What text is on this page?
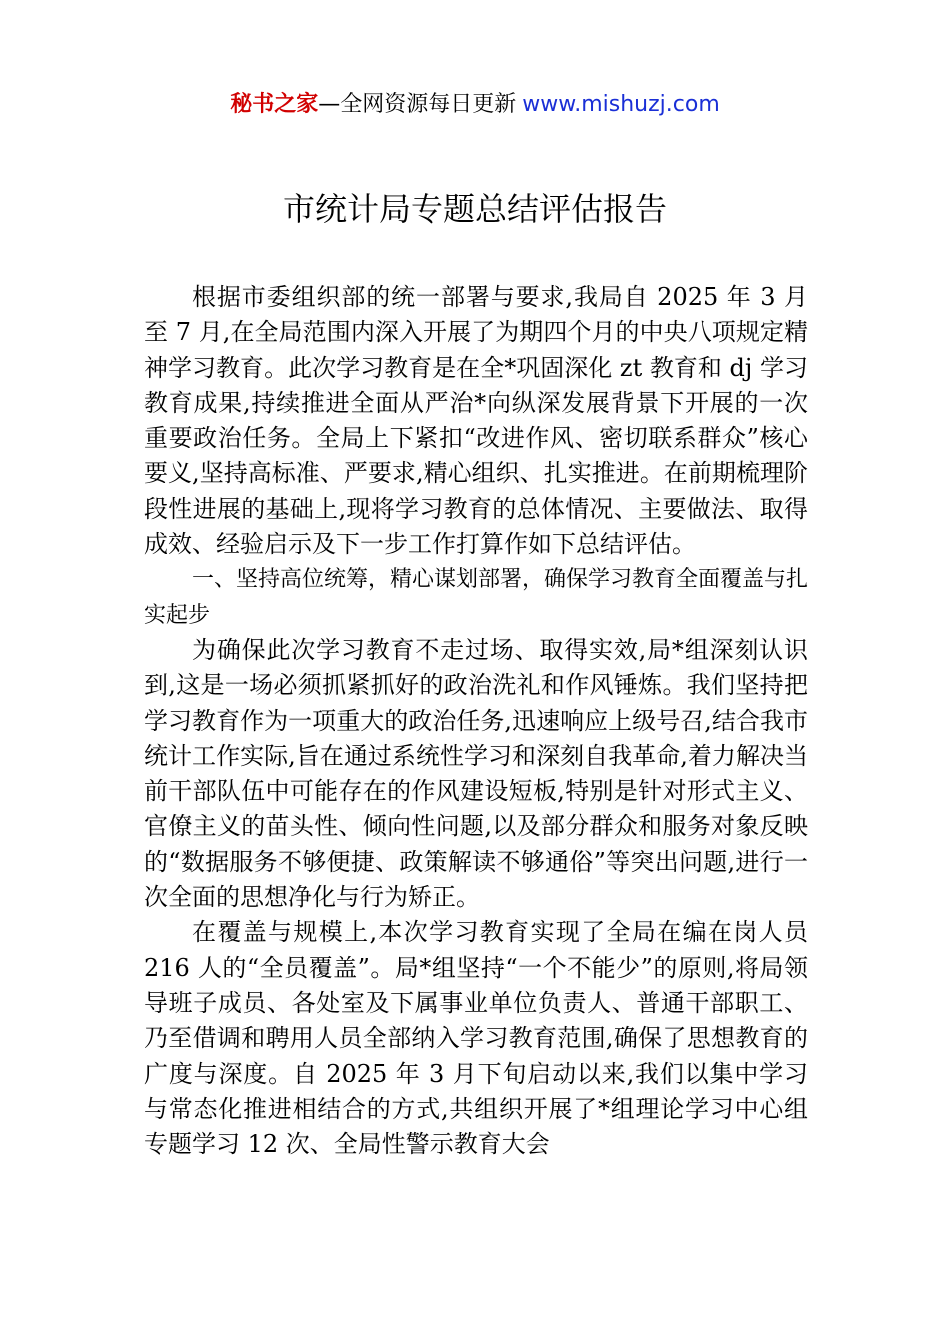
秘书之家—全网资源每日更新 www.mishuzj.com
市统计局专题总结评估报告

根据市委组织部的统一部署与要求,我局自 2025 年 3 月至 7 月,在全局范围内深入开展了为期四个月的中央八项规定精神学习教育。此次学习教育是在全*巩固深化 zt 教育和 dj 学习教育成果,持续推进全面从严治*向纵深发展背景下开展的一次重要政治任务。全局上下紧扣“改进作风、密切联系群众”核心要义,坚持高标准、严要求,精心组织、扎实推进。在前期梳理阶段性进展的基础上,现将学习教育的总体情况、主要做法、取得成效、经验启示及下一步工作打算作如下总结评估。

一、坚持高位统筹，精心谋划部署，确保学习教育全面覆盖与扎实起步

为确保此次学习教育不走过场、取得实效,局*组深刻认识到,这是一场必须抓紧抓好的政治洗礼和作风锤炼。我们坚持把学习教育作为一项重大的政治任务,迅速响应上级号召,结合我市统计工作实际,旨在通过系统性学习和深刻自我革命,着力解决当前干部队伍中可能存在的作风建设短板,特别是针对形式主义、官僚主义的苗头性、倾向性问题,以及部分群众和服务对象反映的“数据服务不够便捷、政策解读不够通俗”等突出问题,进行一次全面的思想净化与行为矫正。

在覆盖与规模上,本次学习教育实现了全局在编在岗人员 216 人的“全员覆盖”。局*组坚持“一个不能少”的原则,将局领导班子成员、各处室及下属事业单位负责人、普通干部职工、乃至借调和聘用人员全部纳入学习教育范围,确保了思想教育的广度与深度。自 2025 年 3 月下旬启动以来,我们以集中学习与常态化推进相结合的方式,共组织开展了*组理论学习中心组专题学习 12 次、全局性警示教育大会
